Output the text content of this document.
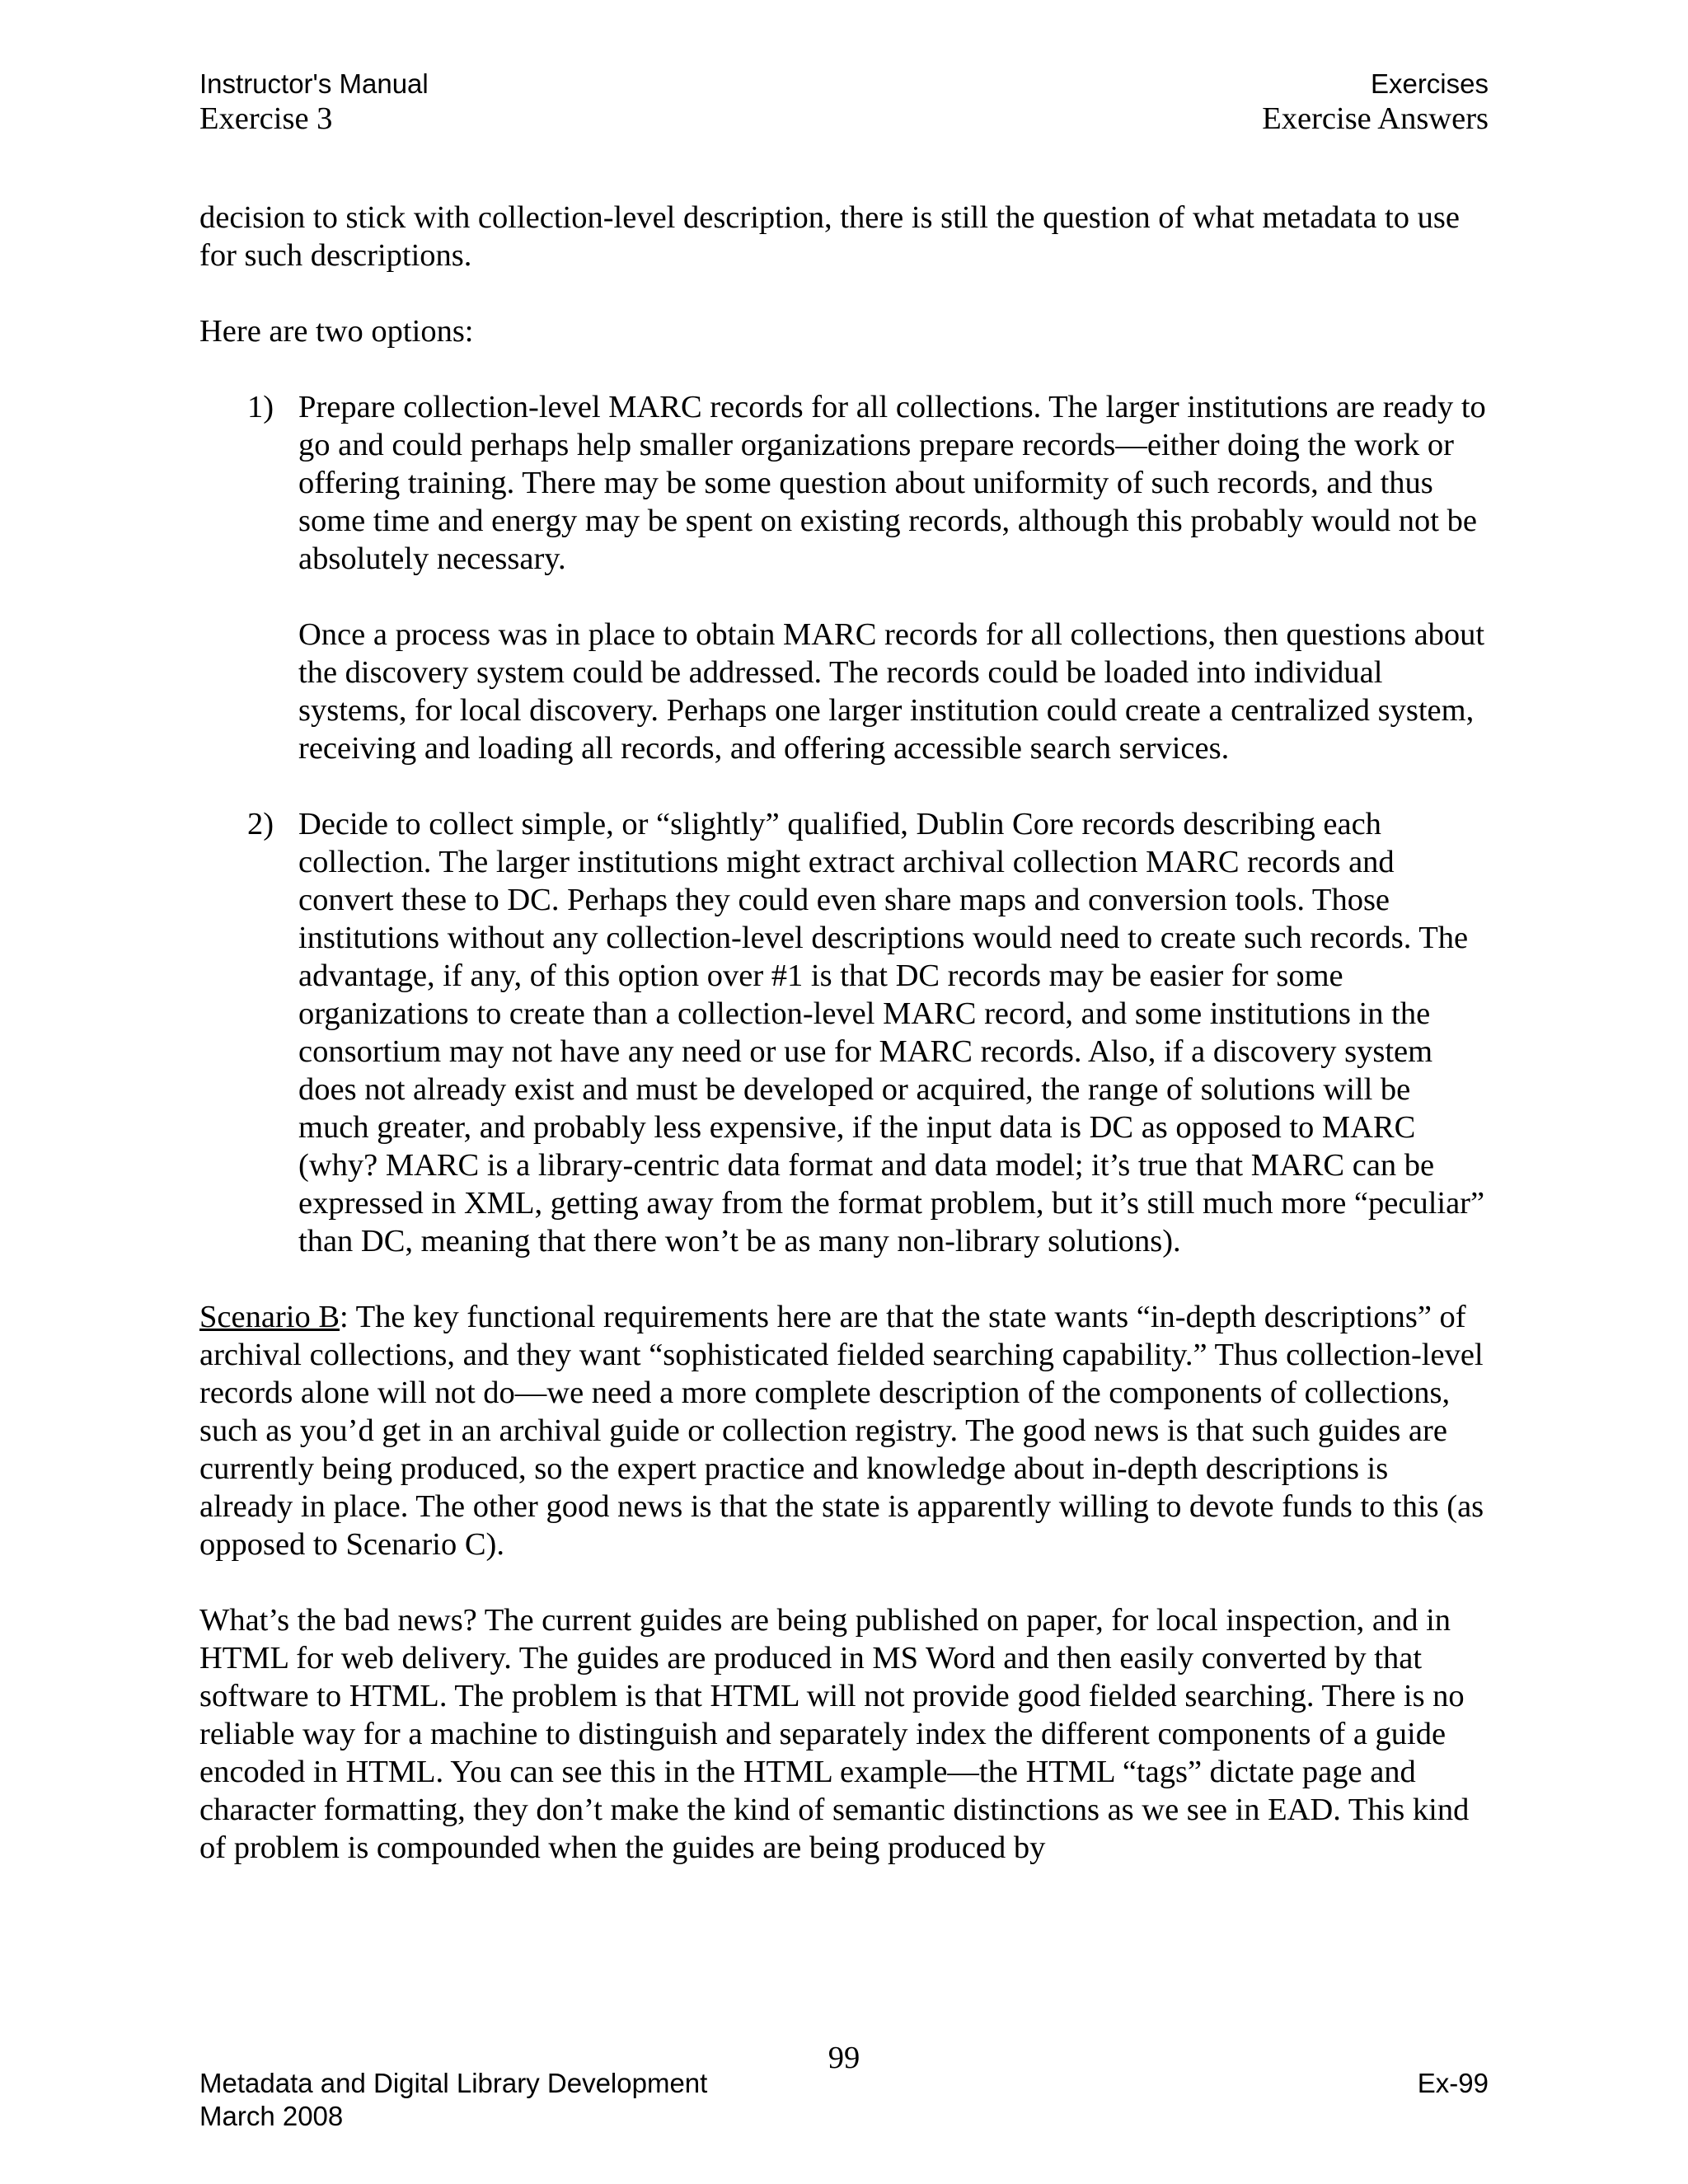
Instructor's Manual
Exercise 3
Exercises
Exercise Answers

decision to stick with collection-level description, there is still the question of what metadata to use for such descriptions.

Here are two options:

1) Prepare collection-level MARC records for all collections. The larger institutions are ready to go and could perhaps help smaller organizations prepare records—either doing the work or offering training. There may be some question about uniformity of such records, and thus some time and energy may be spent on existing records, although this probably would not be absolutely necessary.

Once a process was in place to obtain MARC records for all collections, then questions about the discovery system could be addressed. The records could be loaded into individual systems, for local discovery. Perhaps one larger institution could create a centralized system, receiving and loading all records, and offering accessible search services.

2) Decide to collect simple, or “slightly” qualified, Dublin Core records describing each collection. The larger institutions might extract archival collection MARC records and convert these to DC. Perhaps they could even share maps and conversion tools. Those institutions without any collection-level descriptions would need to create such records. The advantage, if any, of this option over #1 is that DC records may be easier for some organizations to create than a collection-level MARC record, and some institutions in the consortium may not have any need or use for MARC records. Also, if a discovery system does not already exist and must be developed or acquired, the range of solutions will be much greater, and probably less expensive, if the input data is DC as opposed to MARC (why? MARC is a library-centric data format and data model; it’s true that MARC can be expressed in XML, getting away from the format problem, but it’s still much more “peculiar” than DC, meaning that there won’t be as many non-library solutions).

Scenario B: The key functional requirements here are that the state wants “in-depth descriptions” of archival collections, and they want “sophisticated fielded searching capability.” Thus collection-level records alone will not do—we need a more complete description of the components of collections, such as you’d get in an archival guide or collection registry. The good news is that such guides are currently being produced, so the expert practice and knowledge about in-depth descriptions is already in place. The other good news is that the state is apparently willing to devote funds to this (as opposed to Scenario C).

What’s the bad news? The current guides are being published on paper, for local inspection, and in HTML for web delivery. The guides are produced in MS Word and then easily converted by that software to HTML. The problem is that HTML will not provide good fielded searching. There is no reliable way for a machine to distinguish and separately index the different components of a guide encoded in HTML. You can see this in the HTML example—the HTML “tags” dictate page and character formatting, they don’t make the kind of semantic distinctions as we see in EAD. This kind of problem is compounded when the guides are being produced by

99
Metadata and Digital Library Development
March 2008
Ex-99
